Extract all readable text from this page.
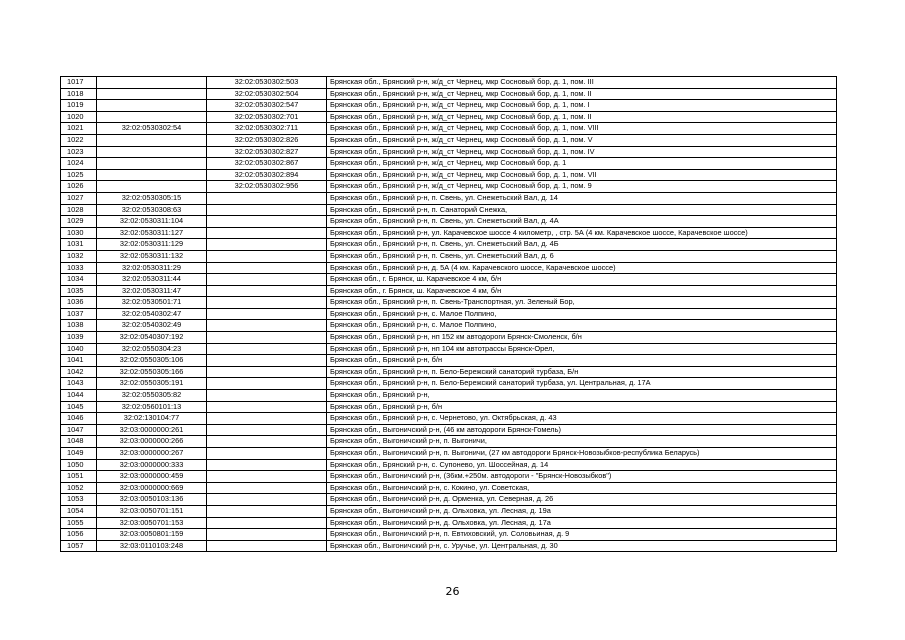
1017		32:02:0530302:503	Брянская обл., Брянский р-н, ж/д_ст Чернец, мкр Сосновый бор, д. 1, пом. III
1018		32:02:0530302:504	Брянская обл., Брянский р-н, ж/д_ст Чернец, мкр Сосновый бор, д. 1, пом. II
1019		32:02:0530302:547	Брянская обл., Брянский р-н, ж/д_ст Чернец, мкр Сосновый бор, д. 1, пом. I
1020		32:02:0530302:701	Брянская обл., Брянский р-н, ж/д_ст Чернец, мкр Сосновый бор, д. 1, пом. II
1021	32:02:0530302:54	32:02:0530302:711	Брянская обл., Брянский р-н, ж/д_ст Чернец, мкр Сосновый бор, д. 1, пом. VIII
1022		32:02:0530302:826	Брянская обл., Брянский р-н, ж/д_ст Чернец, мкр Сосновый бор, д. 1, пом. V
1023		32:02:0530302:827	Брянская обл., Брянский р-н, ж/д_ст Чернец, мкр Сосновый бор, д. 1, пом. IV
1024		32:02:0530302:867	Брянская обл., Брянский р-н, ж/д_ст Чернец, мкр Сосновый бор, д. 1
1025		32:02:0530302:894	Брянская обл., Брянский р-н, ж/д_ст Чернец, мкр Сосновый бор, д. 1, пом. VII
1026		32:02:0530302:956	Брянская обл., Брянский р-н, ж/д_ст Чернец, мкр Сосновый бор, д. 1, пом. 9
1027	32:02:0530305:15		Брянская обл., Брянский р-н, п. Свень, ул. Снежетьский Вал, д. 14
1028	32:02:0530308:63		Брянская обл., Брянский р-н, п. Санаторий Снежка,
1029	32:02:0530311:104		Брянская обл., Брянский р-н, п. Свень, ул. Снежетьский Вал, д. 4А
1030	32:02:0530311:127		Брянская обл., Брянский р-н, ул. Карачевское шоссе 4 километр, , стр. 5А (4 км. Карачевское шоссе, Карачевское шоссе)
1031	32:02:0530311:129		Брянская обл., Брянский р-н, п. Свень, ул. Снежетьский Вал, д. 4Б
1032	32:02:0530311:132		Брянская обл., Брянский р-н, п. Свень, ул. Снежетьский Вал, д. 6
1033	32:02:0530311:29		Брянская обл., Брянский р-н, д. 5А (4 км. Карачевского шоссе, Карачевское шоссе)
1034	32:02:0530311:44		Брянская обл., г. Брянск, ш. Карачевское 4 км, б/н
1035	32:02:0530311:47		Брянская обл., г. Брянск, ш. Карачевское 4 км, б/н
1036	32:02:0530501:71		Брянская обл., Брянский р-н, п. Свень-Транспортная, ул. Зеленый Бор,
1037	32:02:0540302:47		Брянская обл., Брянский р-н, с. Малое Полпино,
1038	32:02:0540302:49		Брянская обл., Брянский р-н, с. Малое Полпино,
1039	32:02:0540307:192		Брянская обл., Брянский р-н, нп 152 км автодороги Брянск-Смоленск, б/н
1040	32:02:0550304:23		Брянская обл., Брянский р-н, нп 104 км автотрассы Брянск-Орел,
1041	32:02:0550305:106		Брянская обл., Брянский р-н, б/н
1042	32:02:0550305:166		Брянская обл., Брянский р-н, п. Бело-Бережский санаторий турбаза, Б/н
1043	32:02:0550305:191		Брянская обл., Брянский р-н, п. Бело-Бережский санаторий турбаза, ул. Центральная, д. 17А
1044	32:02:0550305:82		Брянская обл., Брянский р-н,
1045	32:02:0560101:13		Брянская обл., Брянский р-н, б/н
1046	32:02:130104:77		Брянская обл., Брянский р-н, с. Чернетово, ул. Октябрьская, д. 43
1047	32:03:0000000:261		Брянская обл., Выгоничский р-н, (46 км автодороги Брянск-Гомель)
1048	32:03:0000000:266		Брянская обл., Выгоничский р-н, п. Выгоничи,
1049	32:03:0000000:267		Брянская обл., Выгоничский р-н, п. Выгоничи, (27 км автодороги Брянск-Новозыбков-республика Беларусь)
1050	32:03:0000000:333		Брянская обл., Брянский р-н, с. Супонево, ул. Шоссейная, д. 14
1051	32:03:0000000:459		Брянская обл., Выгоничский р-н, (36км.+250м. автодороги - "Брянск-Новозыбков")
1052	32:03:0000000:669		Брянская обл., Выгоничский р-н, с. Кокино, ул. Советская,
1053	32:03:0050103:136		Брянская обл., Выгоничский р-н, д. Орменка, ул. Северная, д. 26
1054	32:03:0050701:151		Брянская обл., Выгоничский р-н, д. Ольховка, ул. Лесная, д. 19а
1055	32:03:0050701:153		Брянская обл., Выгоничский р-н, д. Ольховка, ул. Лесная, д. 17а
1056	32:03:0050801:159		Брянская обл., Выгоничский р-н, п. Евтиховский, ул. Соловьиная, д. 9
1057	32:03:0110103:248		Брянская обл., Выгоничский р-н, с. Уручье, ул. Центральная, д. 30
26
